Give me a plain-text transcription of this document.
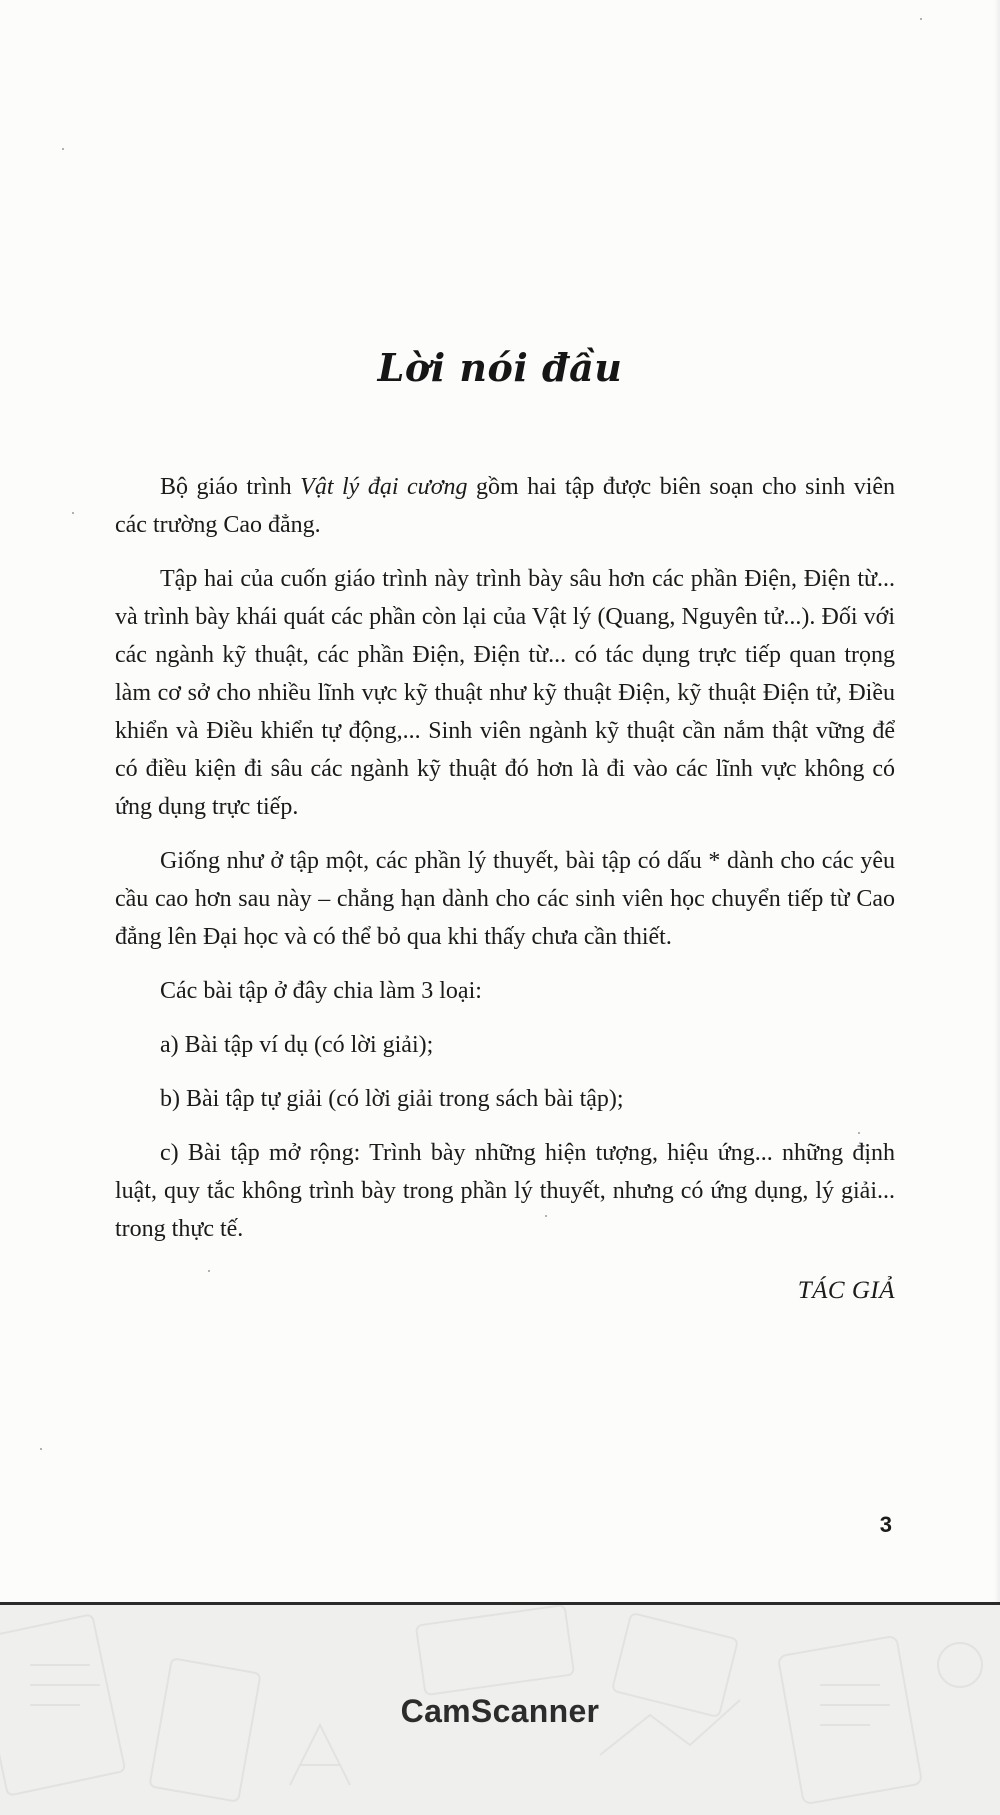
Lời nói đầu

Bộ giáo trình Vật lý đại cương gồm hai tập được biên soạn cho sinh viên các trường Cao đẳng.

Tập hai của cuốn giáo trình này trình bày sâu hơn các phần Điện, Điện từ... và trình bày khái quát các phần còn lại của Vật lý (Quang, Nguyên tử...). Đối với các ngành kỹ thuật, các phần Điện, Điện từ... có tác dụng trực tiếp quan trọng làm cơ sở cho nhiều lĩnh vực kỹ thuật như kỹ thuật Điện, kỹ thuật Điện tử, Điều khiển và Điều khiển tự động,... Sinh viên ngành kỹ thuật cần nắm thật vững để có điều kiện đi sâu các ngành kỹ thuật đó hơn là đi vào các lĩnh vực không có ứng dụng trực tiếp.

Giống như ở tập một, các phần lý thuyết, bài tập có dấu * dành cho các yêu cầu cao hơn sau này – chẳng hạn dành cho các sinh viên học chuyển tiếp từ Cao đẳng lên Đại học và có thể bỏ qua khi thấy chưa cần thiết.

Các bài tập ở đây chia làm 3 loại:

a) Bài tập ví dụ (có lời giải);

b) Bài tập tự giải (có lời giải trong sách bài tập);

c) Bài tập mở rộng: Trình bày những hiện tượng, hiệu ứng... những định luật, quy tắc không trình bày trong phần lý thuyết, nhưng có ứng dụng, lý giải... trong thực tế.

TÁC GIẢ
3
CamScanner
